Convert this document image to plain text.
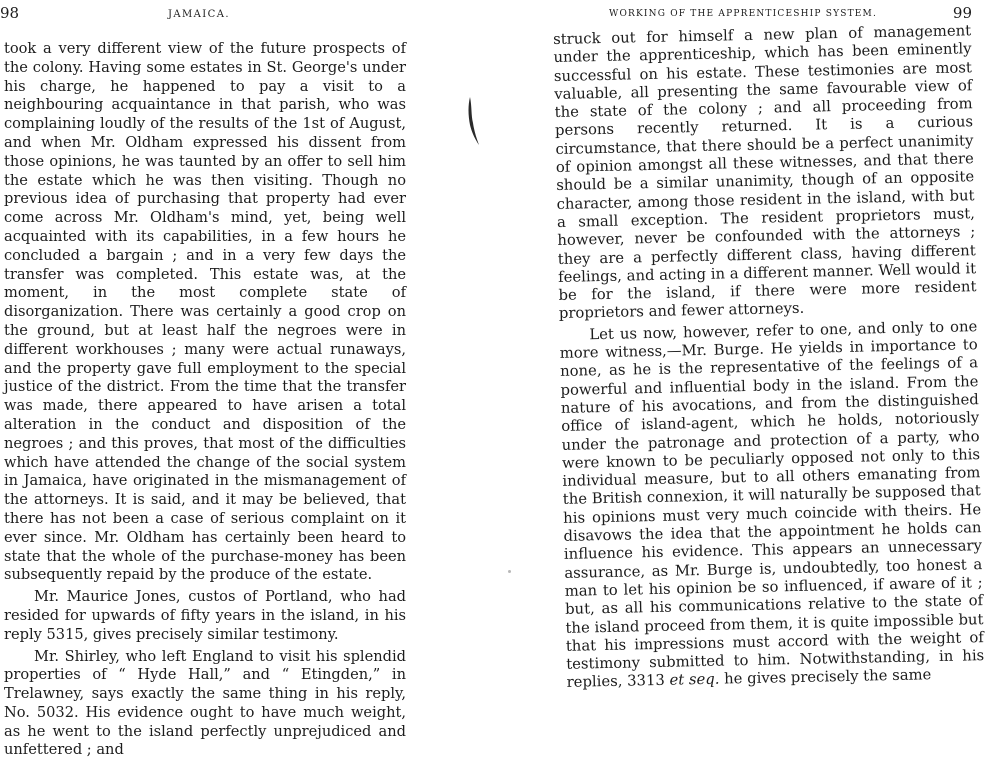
98	JAMAICA.

took a very different view of the future prospects of the colony. Having some estates in St. George's under his charge, he happened to pay a visit to a neighbouring acquaintance in that parish, who was complaining loudly of the results of the 1st of August, and when Mr. Oldham expressed his dissent from those opinions, he was taunted by an offer to sell him the estate which he was then visiting. Though no previous idea of purchasing that property had ever come across Mr. Oldham's mind, yet, being well acquainted with its capabilities, in a few hours he concluded a bargain ; and in a very few days the transfer was completed. This estate was, at the moment, in the most complete state of disorganization. There was certainly a good crop on the ground, but at least half the negroes were in different workhouses ; many were actual runaways, and the property gave full employment to the special justice of the district. From the time that the transfer was made, there appeared to have arisen a total alteration in the conduct and disposition of the negroes ; and this proves, that most of the difficulties which have attended the change of the social system in Jamaica, have originated in the mismanagement of the attorneys. It is said, and it may be believed, that there has not been a case of serious complaint on it ever since. Mr. Oldham has certainly been heard to state that the whole of the purchase-money has been subsequently repaid by the produce of the estate.

Mr. Maurice Jones, custos of Portland, who had resided for upwards of fifty years in the island, in his reply 5315, gives precisely similar testimony.

Mr. Shirley, who left England to visit his splendid properties of “ Hyde Hall,” and “ Etingden,” in Trelawney, says exactly the same thing in his reply, No. 5032. His evidence ought to have much weight, as he went to the island perfectly unprejudiced and unfettered ; and

WORKING OF THE APPRENTICESHIP SYSTEM.	99

struck out for himself a new plan of management under the apprenticeship, which has been eminently successful on his estate. These testimonies are most valuable, all presenting the same favourable view of the state of the colony ; and all proceeding from persons recently returned. It is a curious circumstance, that there should be a perfect unanimity of opinion amongst all these witnesses, and that there should be a similar unanimity, though of an opposite character, among those resident in the island, with but a small exception. The resident proprietors must, however, never be confounded with the attorneys ; they are a perfectly different class, having different feelings, and acting in a different manner. Well would it be for the island, if there were more resident proprietors and fewer attorneys.

Let us now, however, refer to one, and only to one more witness,—Mr. Burge. He yields in importance to none, as he is the representative of the feelings of a powerful and influential body in the island. From the nature of his avocations, and from the distinguished office of island-agent, which he holds, notoriously under the patronage and protection of a party, who were known to be peculiarly opposed not only to this individual measure, but to all others emanating from the British connexion, it will naturally be supposed that his opinions must very much coincide with theirs. He disavows the idea that the appointment he holds can influence his evidence. This appears an unnecessary assurance, as Mr. Burge is, undoubtedly, too honest a man to let his opinion be so influenced, if aware of it ; but, as all his communications relative to the state of the island proceed from them, it is quite impossible but that his impressions must accord with the weight of testimony submitted to him. Notwithstanding, in his replies, 3313 et seq. he gives precisely the same
